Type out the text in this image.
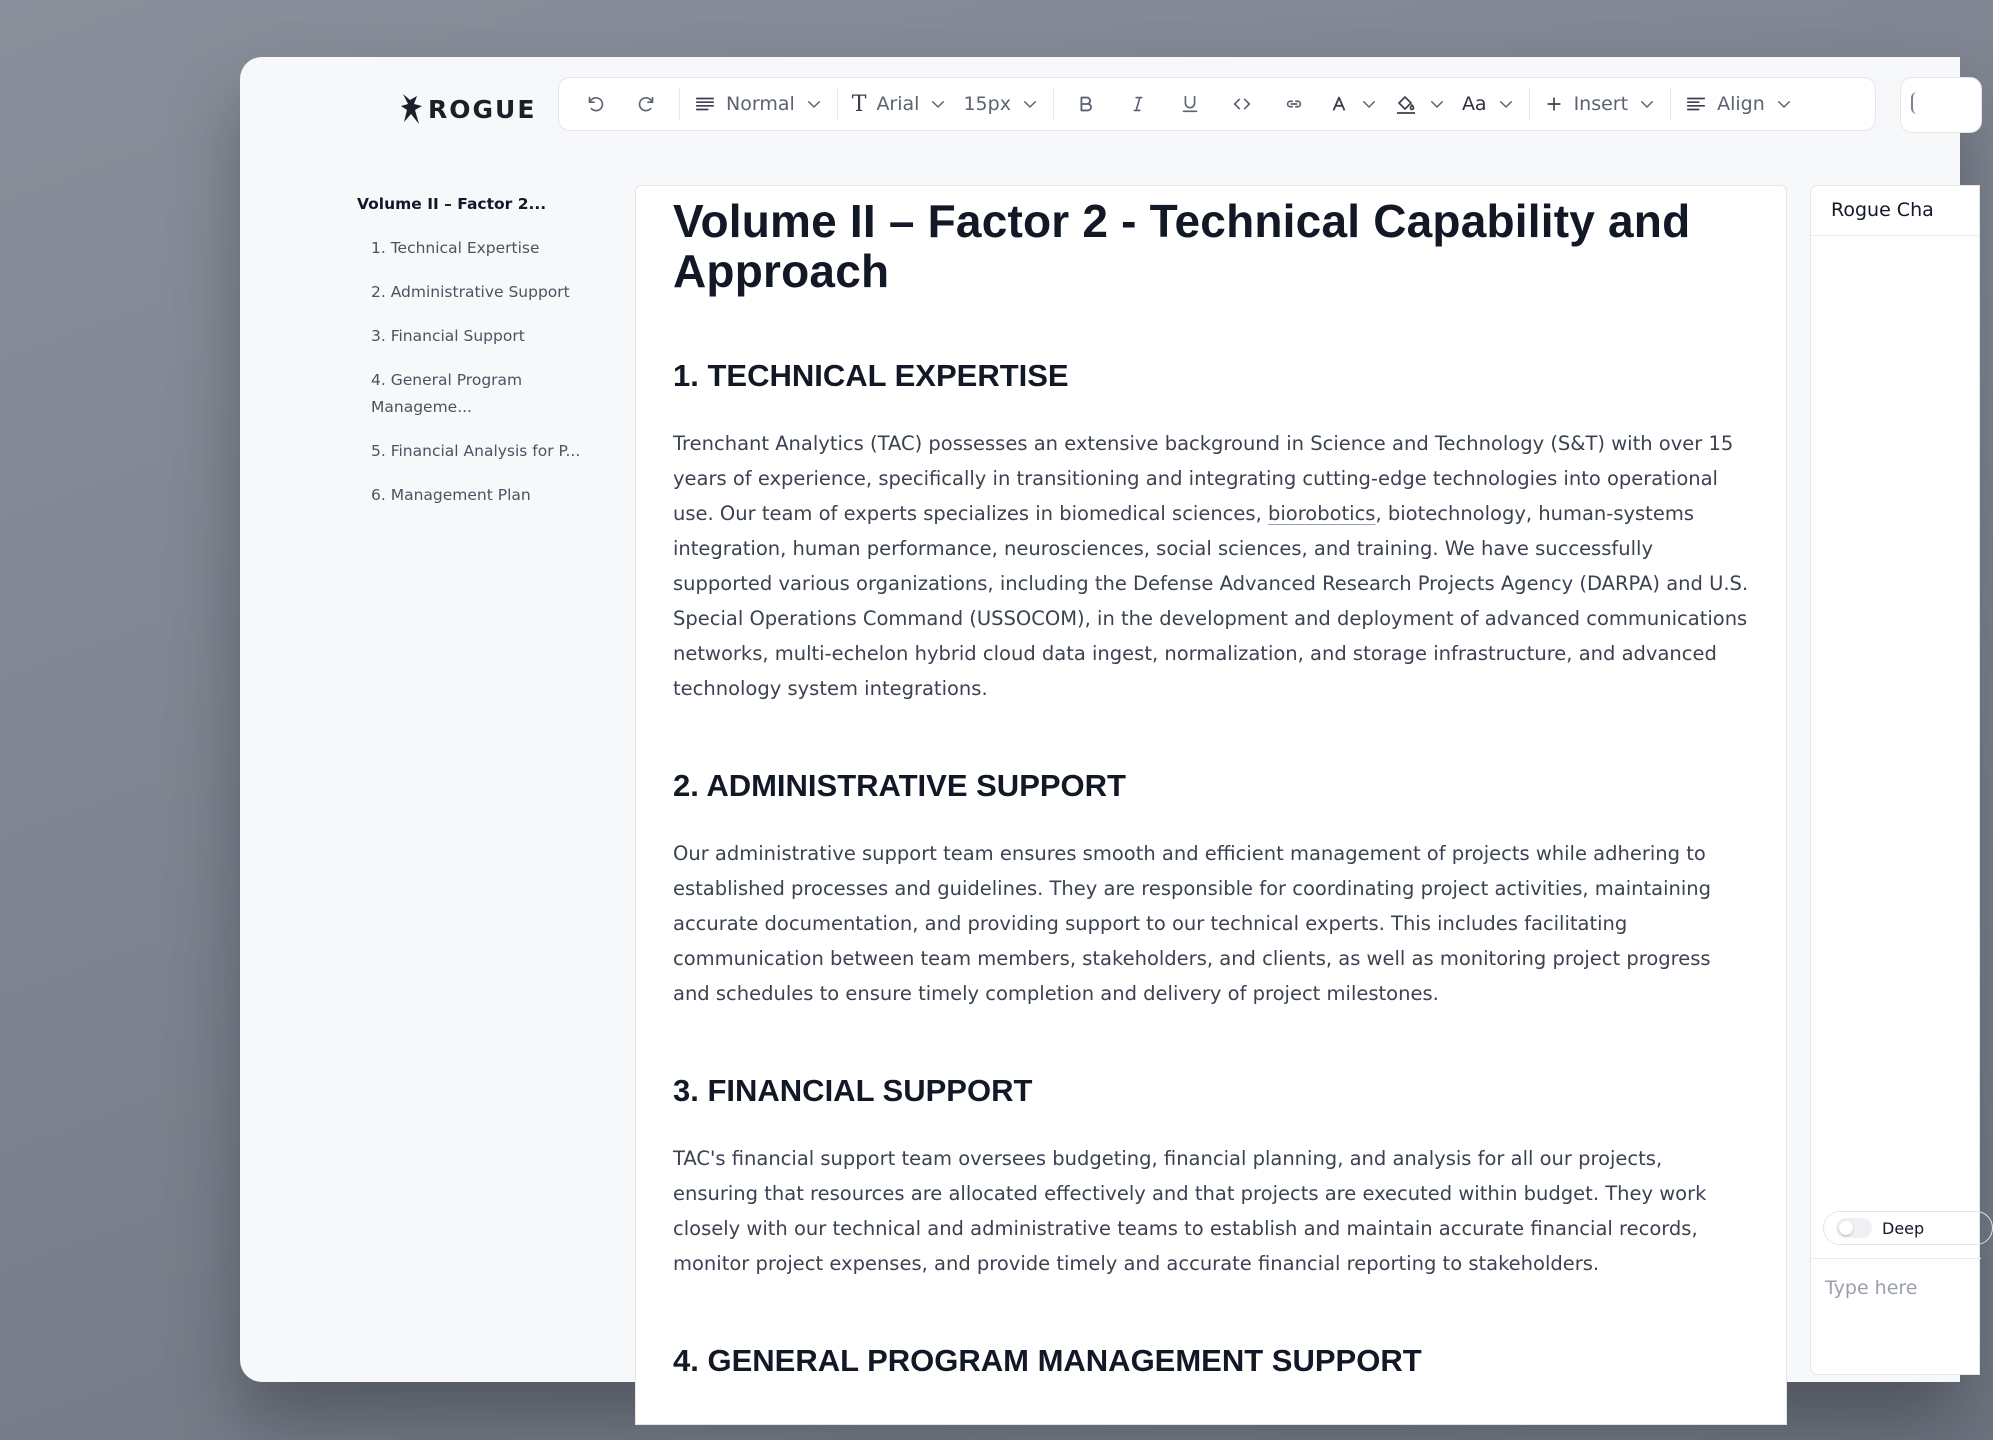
ROGUE	Normal	T Arial 15px	Aa	Insert	Align
Volume II – Factor 2...
1. Technical Expertise
2. Administrative Support
3. Financial Support
4. General Program Manageme...
5. Financial Analysis for P...
6. Management Plan
Volume II – Factor 2 - Technical Capability and Approach
1. TECHNICAL EXPERTISE

Trenchant Analytics (TAC) possesses an extensive background in Science and Technology (S&T) with over 15 years of experience, specifically in transitioning and integrating cutting-edge technologies into operational use. Our team of experts specializes in biomedical sciences, biorobotics, biotechnology, human-systems integration, human performance, neurosciences, social sciences, and training. We have successfully supported various organizations, including the Defense Advanced Research Projects Agency (DARPA) and U.S. Special Operations Command (USSOCOM), in the development and deployment of advanced communications networks, multi-echelon hybrid cloud data ingest, normalization, and storage infrastructure, and advanced technology system integrations.

2. ADMINISTRATIVE SUPPORT

Our administrative support team ensures smooth and efficient management of projects while adhering to established processes and guidelines. They are responsible for coordinating project activities, maintaining accurate documentation, and providing support to our technical experts. This includes facilitating communication between team members, stakeholders, and clients, as well as monitoring project progress and schedules to ensure timely completion and delivery of project milestones.

3. FINANCIAL SUPPORT

TAC's financial support team oversees budgeting, financial planning, and analysis for all our projects, ensuring that resources are allocated effectively and that projects are executed within budget. They work closely with our technical and administrative teams to establish and maintain accurate financial records, monitor project expenses, and provide timely and accurate financial reporting to stakeholders.

4. GENERAL PROGRAM MANAGEMENT SUPPORT
Rogue Cha
Deep
Type here
